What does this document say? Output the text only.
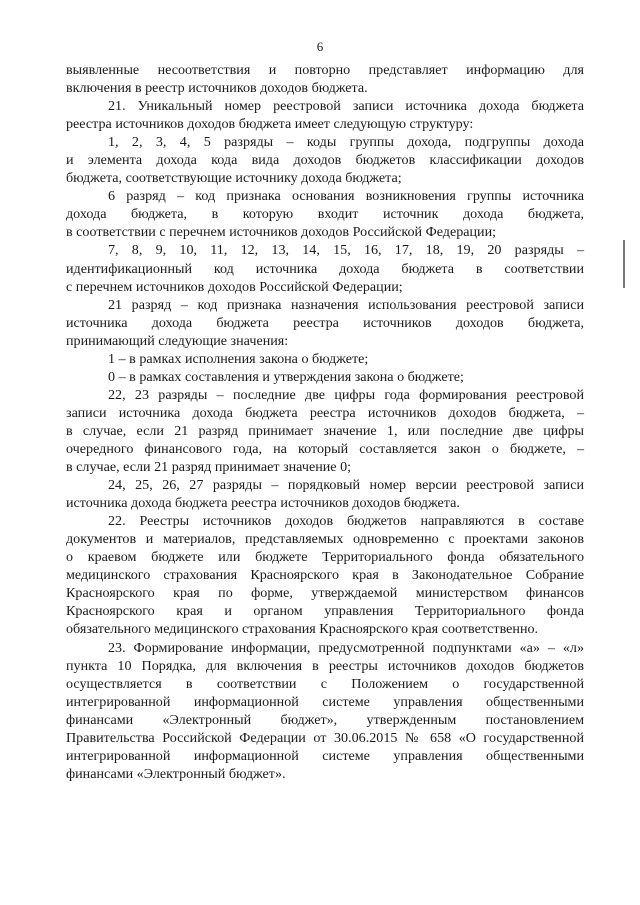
6
выявленные несоответствия и повторно представляет информацию для
включения в реестр источников доходов бюджета.
21. Уникальный номер реестровой записи источника дохода бюджета
реестра источников доходов бюджета имеет следующую структуру:
1, 2, 3, 4, 5 разряды – коды группы дохода, подгруппы дохода
и элемента дохода кода вида доходов бюджетов классификации доходов
бюджета, соответствующие источнику дохода бюджета;
6 разряд – код признака основания возникновения группы источника
дохода бюджета, в которую входит источник дохода бюджета,
в соответствии с перечнем источников доходов Российской Федерации;
7, 8, 9, 10, 11, 12, 13, 14, 15, 16, 17, 18, 19, 20 разряды –
идентификационный код источника дохода бюджета в соответствии
с перечнем источников доходов Российской Федерации;
21 разряд – код признака назначения использования реестровой записи
источника дохода бюджета реестра источников доходов бюджета,
принимающий следующие значения:
1 – в рамках исполнения закона о бюджете;
0 – в рамках составления и утверждения закона о бюджете;
22, 23 разряды – последние две цифры года формирования реестровой
записи источника дохода бюджета реестра источников доходов бюджета, –
в случае, если 21 разряд принимает значение 1, или последние две цифры
очередного финансового года, на который составляется закон о бюджете, –
в случае, если 21 разряд принимает значение 0;
24, 25, 26, 27 разряды – порядковый номер версии реестровой записи
источника дохода бюджета реестра источников доходов бюджета.
22. Реестры источников доходов бюджетов направляются в составе
документов и материалов, представляемых одновременно с проектами законов
о краевом бюджете или бюджете Территориального фонда обязательного
медицинского страхования Красноярского края в Законодательное Собрание
Красноярского края по форме, утверждаемой министерством финансов
Красноярского края и органом управления Территориального фонда
обязательного медицинского страхования Красноярского края соответственно.
23. Формирование информации, предусмотренной подпунктами «а» – «л»
пункта 10 Порядка, для включения в реестры источников доходов бюджетов
осуществляется в соответствии с Положением о государственной
интегрированной информационной системе управления общественными
финансами «Электронный бюджет», утвержденным постановлением
Правительства Российской Федерации от 30.06.2015 № 658 «О государственной
интегрированной информационной системе управления общественными
финансами «Электронный бюджет».
